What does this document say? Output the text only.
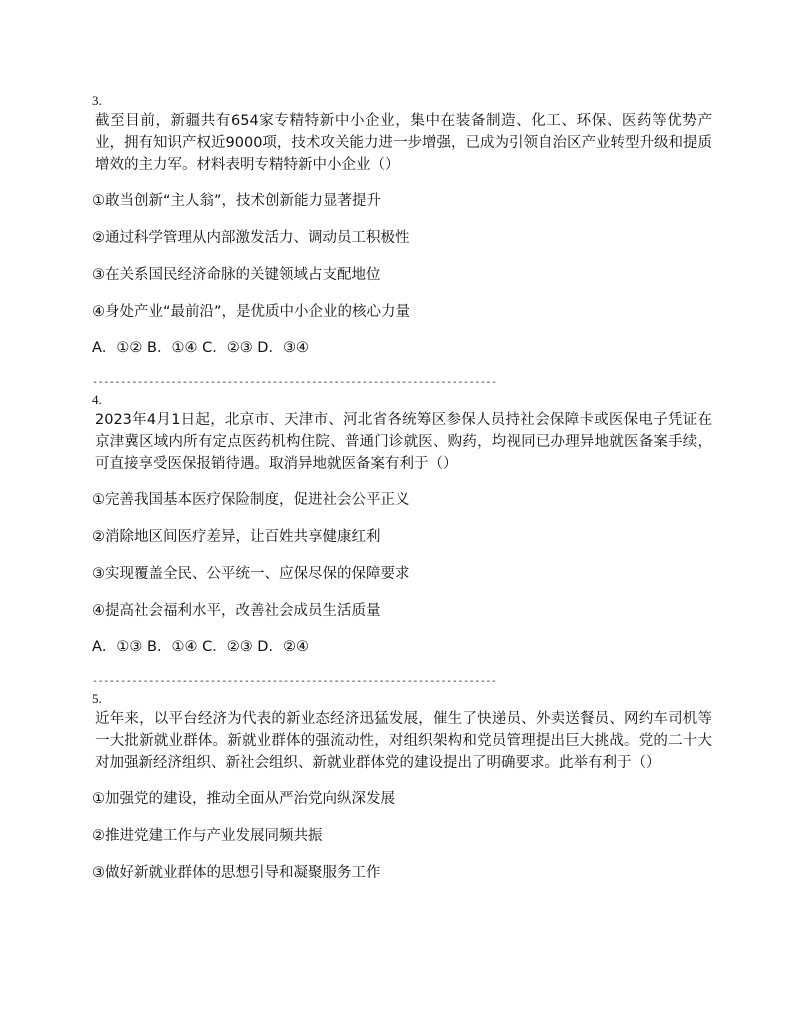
3.
截至目前，新疆共有654家专精特新中小企业，集中在装备制造、化工、环保、医药等优势产业，拥有知识产权近9000项，技术攻关能力进一步增强，已成为引领自治区产业转型升级和提质增效的主力军。材料表明专精特新中小企业（）
①敢当创新“主人翁”，技术创新能力显著提升
②通过科学管理从内部激发活力、调动员工积极性
③在关系国民经济命脉的关键领域占支配地位
④身处产业“最前沿”，是优质中小企业的核心力量
A．①② B．①④ C．②③ D．③④
------------------------------------------------------------------------
4.
2023年4月1日起，北京市、天津市、河北省各统筹区参保人员持社会保障卡或医保电子凭证在京津冀区域内所有定点医药机构住院、普通门诊就医、购药，均视同已办理异地就医备案手续，可直接享受医保报销待遇。取消异地就医备案有利于（）
①完善我国基本医疗保险制度，促进社会公平正义
②消除地区间医疗差异，让百姓共享健康红利
③实现覆盖全民、公平统一、应保尽保的保障要求
④提高社会福利水平，改善社会成员生活质量
A．①③ B．①④ C．②③ D．②④
------------------------------------------------------------------------
5.
近年来，以平台经济为代表的新业态经济迅猛发展，催生了快递员、外卖送餐员、网约车司机等一大批新就业群体。新就业群体的强流动性，对组织架构和党员管理提出巨大挑战。党的二十大对加强新经济组织、新社会组织、新就业群体党的建设提出了明确要求。此举有利于（）
①加强党的建设，推动全面从严治党向纵深发展
②推进党建工作与产业发展同频共振
③做好新就业群体的思想引导和凝聚服务工作
